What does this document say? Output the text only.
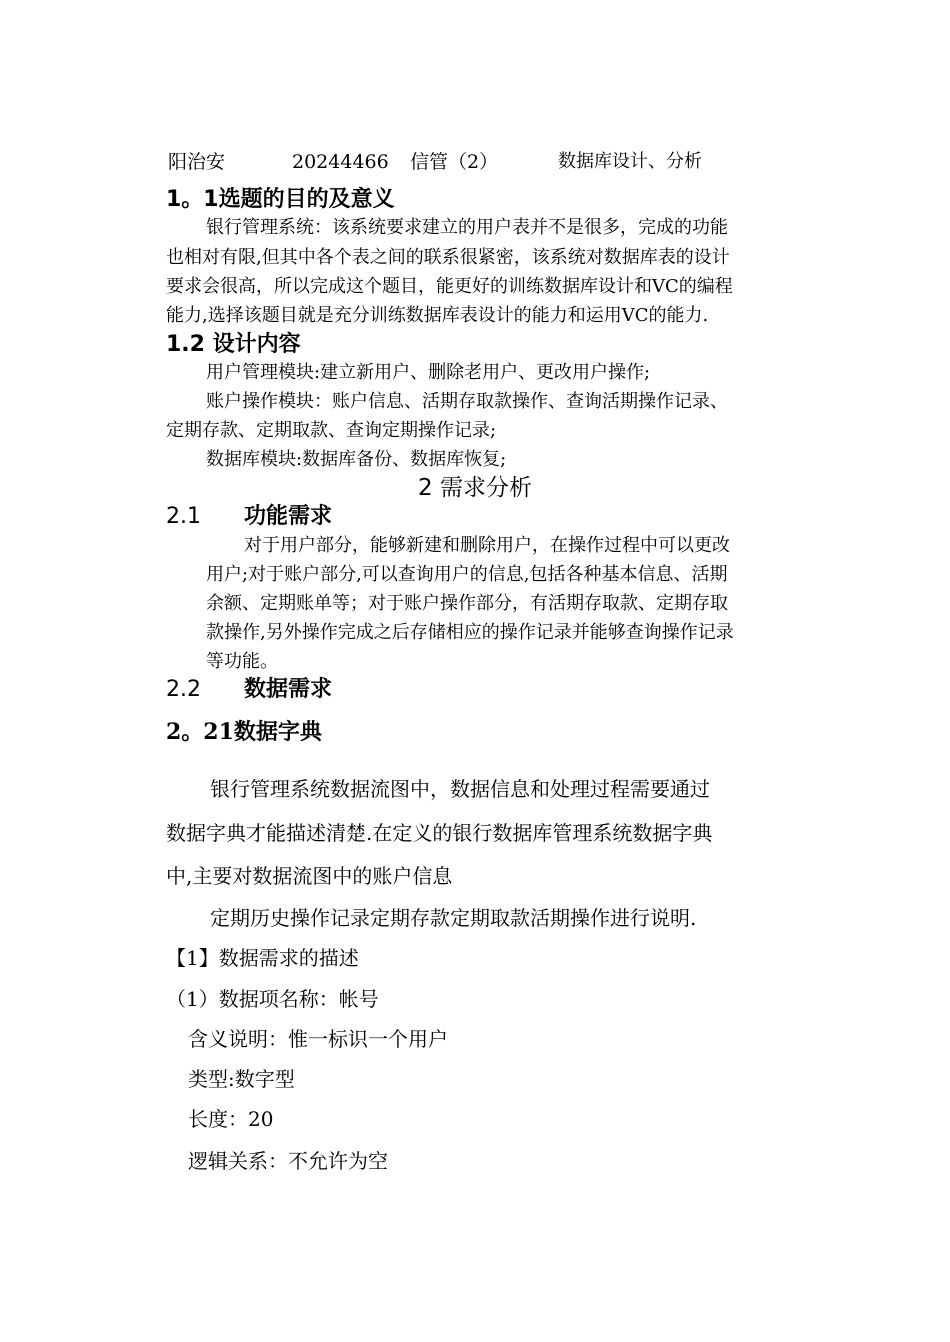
阳治安	20244466 信管（2）	数据库设计、分析
1。1选题的目的及意义
银行管理系统：该系统要求建立的用户表并不是很多，完成的功能
也相对有限,但其中各个表之间的联系很紧密，该系统对数据库表的设计
要求会很高，所以完成这个题目，能更好的训练数据库设计和VC的编程
能力,选择该题目就是充分训练数据库表设计的能力和运用VC的能力.
1.2 设计内容
用户管理模块:建立新用户、删除老用户、更改用户操作;
账户操作模块：账户信息、活期存取款操作、查询活期操作记录、
定期存款、定期取款、查询定期操作记录;
数据库模块:数据库备份、数据库恢复;
2 需求分析
2.1 功能需求
对于用户部分，能够新建和删除用户，在操作过程中可以更改
用户;对于账户部分,可以查询用户的信息,包括各种基本信息、活期
余额、定期账单等；对于账户操作部分，有活期存取款、定期存取
款操作,另外操作完成之后存储相应的操作记录并能够查询操作记录
等功能。
2.2 数据需求
2。21数据字典
银行管理系统数据流图中，数据信息和处理过程需要通过
数据字典才能描述清楚.在定义的银行数据库管理系统数据字典
中,主要对数据流图中的账户信息
定期历史操作记录定期存款定期取款活期操作进行说明.
【1】数据需求的描述
（1）数据项名称：帐号
含义说明：惟一标识一个用户
类型:数字型
长度：20
逻辑关系：不允许为空
